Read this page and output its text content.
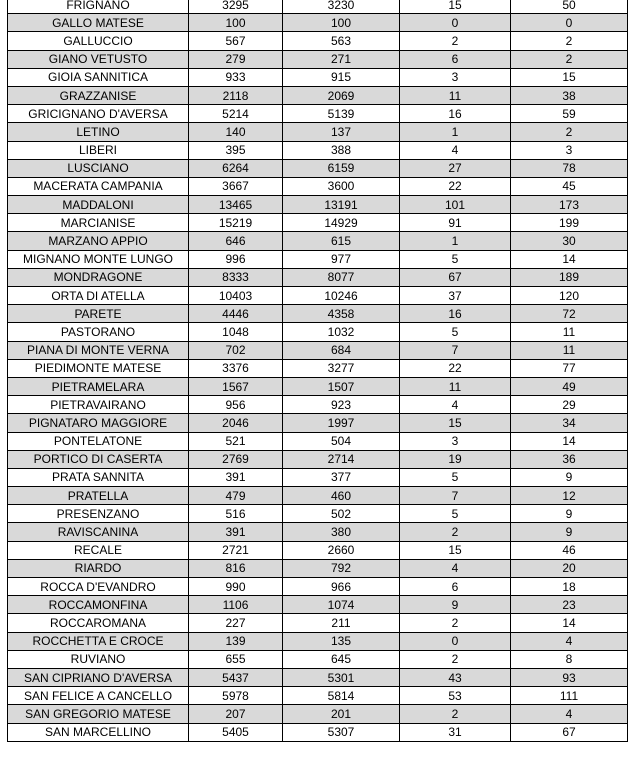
FRIGNANO	3295	3230	15	50
GALLO MATESE	100	100	0	0
GALLUCCIO	567	563	2	2
GIANO VETUSTO	279	271	6	2
GIOIA SANNITICA	933	915	3	15
GRAZZANISE	2118	2069	11	38
GRICIGNANO D'AVERSA	5214	5139	16	59
LETINO	140	137	1	2
LIBERI	395	388	4	3
LUSCIANO	6264	6159	27	78
MACERATA CAMPANIA	3667	3600	22	45
MADDALONI	13465	13191	101	173
MARCIANISE	15219	14929	91	199
MARZANO APPIO	646	615	1	30
MIGNANO MONTE LUNGO	996	977	5	14
MONDRAGONE	8333	8077	67	189
ORTA DI ATELLA	10403	10246	37	120
PARETE	4446	4358	16	72
PASTORANO	1048	1032	5	11
PIANA DI MONTE VERNA	702	684	7	11
PIEDIMONTE MATESE	3376	3277	22	77
PIETRAMELARA	1567	1507	11	49
PIETRAVAIRANO	956	923	4	29
PIGNATARO MAGGIORE	2046	1997	15	34
PONTELATONE	521	504	3	14
PORTICO DI CASERTA	2769	2714	19	36
PRATA SANNITA	391	377	5	9
PRATELLA	479	460	7	12
PRESENZANO	516	502	5	9
RAVISCANINA	391	380	2	9
RECALE	2721	2660	15	46
RIARDO	816	792	4	20
ROCCA D'EVANDRO	990	966	6	18
ROCCAMONFINA	1106	1074	9	23
ROCCAROMANA	227	211	2	14
ROCCHETTA E CROCE	139	135	0	4
RUVIANO	655	645	2	8
SAN CIPRIANO D'AVERSA	5437	5301	43	93
SAN FELICE A CANCELLO	5978	5814	53	111
SAN GREGORIO MATESE	207	201	2	4
SAN MARCELLINO	5405	5307	31	67
